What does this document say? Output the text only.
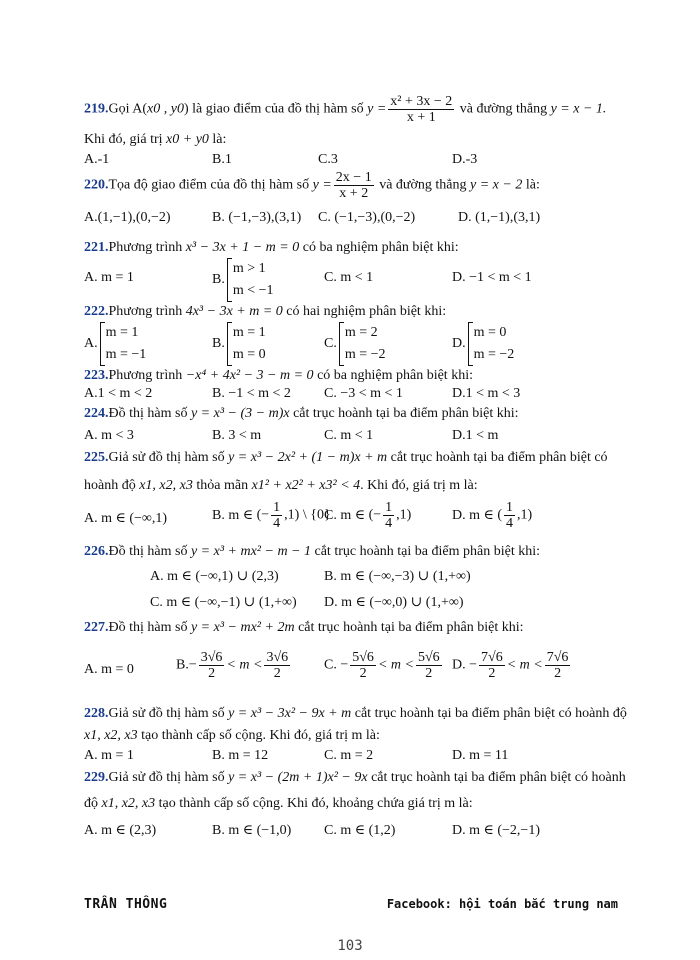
219.Gọi A(x0 , y0) là giao điểm của đồ thị hàm số $y = \frac{\text{x² + 3x − 2}}{x + 1}$ và đường thẳng y = x − 1.
Khi đó, giá trị x0 + y0 là:
A.-1	B.1	C.3	D.-3
220.Tọa độ giao điểm của đồ thị hàm số $y = \frac{2x - 1}{x + 2}$ và đường thẳng y = x − 2 là:
A.(1,−1),(0,−2)	B. (−1,−3),(3,1) C. (−1,−3),(0,−2)	D. (1,−1),(3,1)
221.Phương trình x³ − 3x + 1 − m = 0 có ba nghiệm phân biệt khi:
A. m = 1	B.
m > 1
m < −1
C. m < 1	D. −1 < m < 1
222.Phương trình 4x³ − 3x + m = 0 có hai nghiệm phân biệt khi:
A.
m = 1
m = −1
B.
m = 1
m = 0
C.
m = 2
m = −2
D.
m = 0
m = −2
223.Phương trình −x⁴ + 4x² − 3 − m = 0 có ba nghiệm phân biệt khi:
A.1 < m < 2	B. −1 < m < 2 C. −3 < m < 1	D.1 < m < 3
224.Đồ thị hàm số y = x³ − (3 − m)x cắt trục hoành tại ba điểm phân biệt khi:
A. m < 3	B. 3 < m	C. m < 1	D.1 < m
225.Giả sử đồ thị hàm số y = x³ − 2x² + (1 − m)x + m cắt trục hoành tại ba điểm phân biệt có
hoành độ x1, x2, x3 thỏa mãn x1² + x2² + x3² < 4. Khi đó, giá trị m là:
A. m ∈ (−∞,1)	B. m ∈ (− $\frac{1}{4} ,1$) \ {0}
C. m ∈ (− $\frac{1}{4} ,1$)	D. m ∈ ( $\frac{1}{4} ,1$)
226.Đồ thị hàm số y = x³ + mx² − m − 1 cắt trục hoành tại ba điểm phân biệt khi:
A. m ∈ (−∞,1) ∪ (2,3)	B. m ∈ (−∞,−3) ∪ (1,+∞)
C. m ∈ (−∞,−1) ∪ (1,+∞) D. m ∈ (−∞,0) ∪ (1,+∞)
227.Đồ thị hàm số y = x³ − mx² + 2m cắt trục hoành tại ba điểm phân biệt khi:
A. m = 0	$B.- \frac{3√6}{2} < m < \frac{3√6}{2} C$. − $\frac{5√6}{2} < m < \frac{5√6}{2} D$. − $\frac{7√6}{2} < m < \frac{7√6}{2}$
228.Giả sử đồ thị hàm số y = x³ − 3x² − 9x + m cắt trục hoành tại ba điểm phân biệt có hoành độ
x1, x2, x3 tạo thành cấp số cộng. Khi đó, giá trị m là:
A. m = 1	B. m = 12	C. m = 2	D. m = 11
229.Giả sử đồ thị hàm số y = x³ − (2m + 1)x² − 9x cắt trục hoành tại ba điểm phân biệt có hoành
độ x1, x2, x3 tạo thành cấp số cộng. Khi đó, khoảng chứa giá trị m là:
A. m ∈ (2,3)	B. m ∈ (−1,0) C. m ∈ (1,2)	D. m ∈ (−2,−1)
TRẦN THÔNG	Facebook: hội toán bắc trung nam
103
